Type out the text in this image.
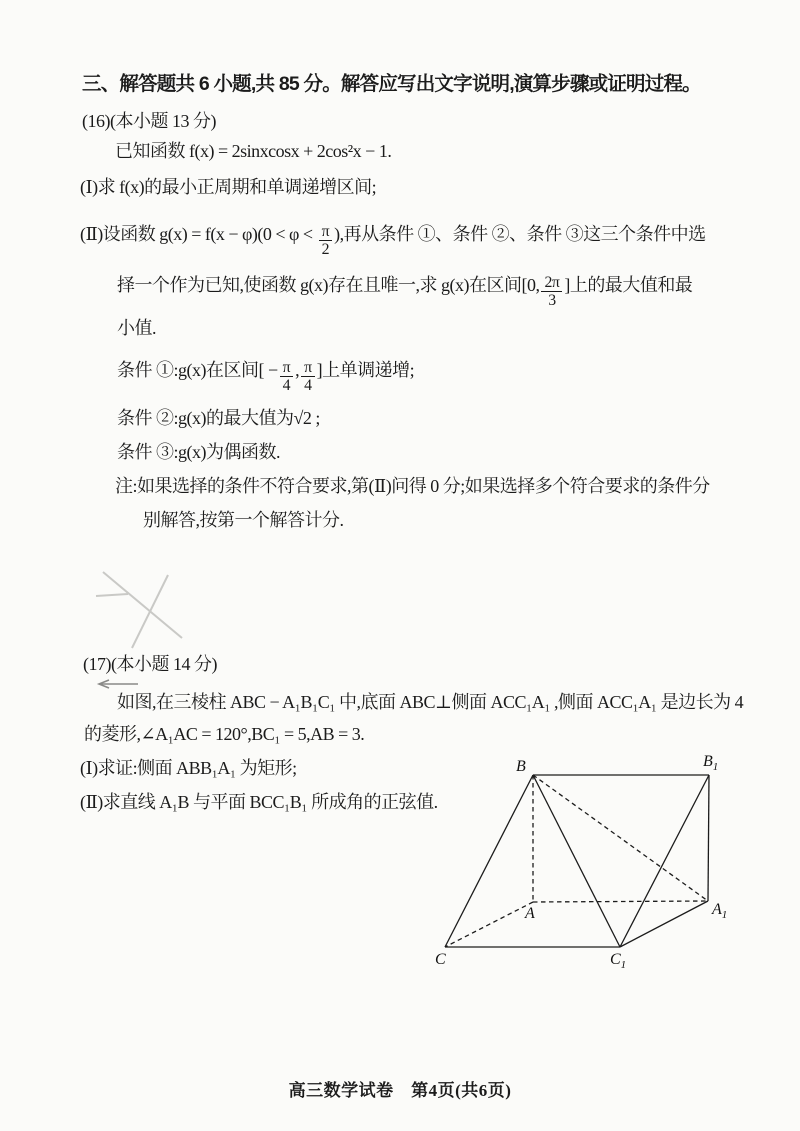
三、解答题共 6 小题,共 85 分。解答应写出文字说明,演算步骤或证明过程。
(16)(本小题 13 分)
已知函数 f(x) = 2sinxcosx + 2cos²x − 1.
(Ⅰ)求 f(x)的最小正周期和单调递增区间;
(Ⅱ)设函数 $g(x) = f(x - \varphi)(0 < \varphi < \frac{\pi}{2}$ ),再从条件 ①、条件 ②、条件 ③这三个条件中选
择一个作为已知,使函数 g(x)存在且唯一,求 g(x)在区间[0, $\frac{2\pi}{3}$ ]上的最大值和最
小值.
条件 ①:g(x)在区间[ − $\frac{\pi}{4}$ , $\frac{\pi}{4}$ ]上单调递增;
条件 ②:g(x)的最大值为√2 ;
条件 ③:g(x)为偶函数.
注:如果选择的条件不符合要求,第(Ⅱ)问得 0 分;如果选择多个符合要求的条件分
别解答,按第一个解答计分.
(17)(本小题 14 分)
如图,在三棱柱 ABC − A₁B₁C₁ 中,底面 ABC⊥侧面 ACC₁A₁ ,侧面 ACC₁A₁ 是边长为 4
的菱形,∠A₁AC = 120°,BC₁ = 5,AB = 3.
(Ⅰ)求证:侧面 ABB₁A₁ 为矩形;
(Ⅱ)求直线 A₁B 与平面 BCC₁B₁ 所成角的正弦值.
B	$B_1$
C	$C_1$
A	$A_1$
高三数学试卷　第4页(共6页)
